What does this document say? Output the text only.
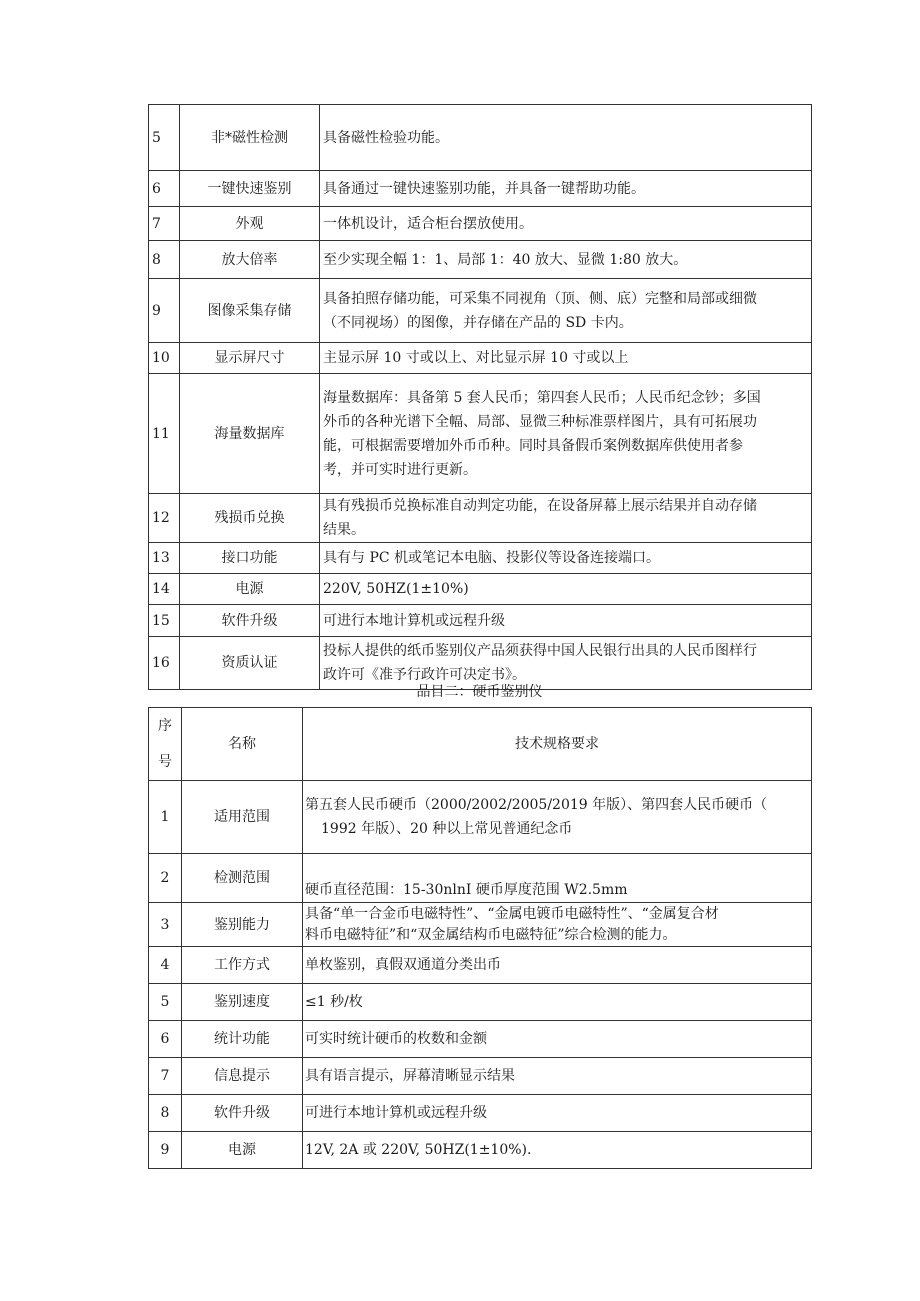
5	非*磁性检测	具备磁性检验功能。

6	一键快速鉴别	具备通过一键快速鉴别功能，并具备一键帮助功能。

7	外观	一体机设计，适合柜台摆放使用。

8	放大倍率	至少实现全幅 1：1、局部 1：40 放大、显微 1:80 放大。

9	图像采集存储	具备拍照存储功能，可采集不同视角（顶、侧、底）完整和局部或细微
（不同视场）的图像，并存储在产品的 SD 卡内。

10	显示屏尺寸	主显示屏 10 寸或以上、对比显示屏 10 寸或以上

11	海量数据库	海量数据库：具备第 5 套人民币；第四套人民币；人民币纪念钞；多国
外币的各种光谱下全幅、局部、显微三种标准票样图片，具有可拓展功
能，可根据需要增加外币币种。同时具备假币案例数据库供使用者参
考，并可实时进行更新。

12	残损币兑换	具有残损币兑换标准自动判定功能，在设备屏幕上展示结果并自动存储
结果。

13	接口功能	具有与 PC 机或笔记本电脑、投影仪等设备连接端口。

14	电源	220V, 50HZ(1±10%)

15	软件升级	可进行本地计算机或远程升级

16	资质认证	投标人提供的纸币鉴别仪产品须获得中国人民银行出具的人民币图样行
政许可《准予行政许可决定书》。
品目二：硬币鉴别仪
序
号	名称	技术规格要求
1	适用范围	第五套人民币硬币（2000/2002/2005/2019 年版）、第四套人民币硬币（
1992 年版）、20 种以上常见普通纪念币
2	检测范围	硬币直径范围：15-30nlnI 硬币厚度范围 W2.5mm

3	鉴别能力	具备“单一合金币电磁特性”、“金属电镀币电磁特性”、“金属复合材
料币电磁特征”和“双金属结构币电磁特征”综合检测的能力。

4	工作方式	单枚鉴别，真假双通道分类出币

5	鉴别速度	≤1 秒/枚

6	统计功能	可实时统计硬币的枚数和金额

7	信息提示	具有语言提示，屏幕清晰显示结果

8	软件升级	可进行本地计算机或远程升级

9	电源	12V, 2A 或 220V, 50HZ(1±10%).
